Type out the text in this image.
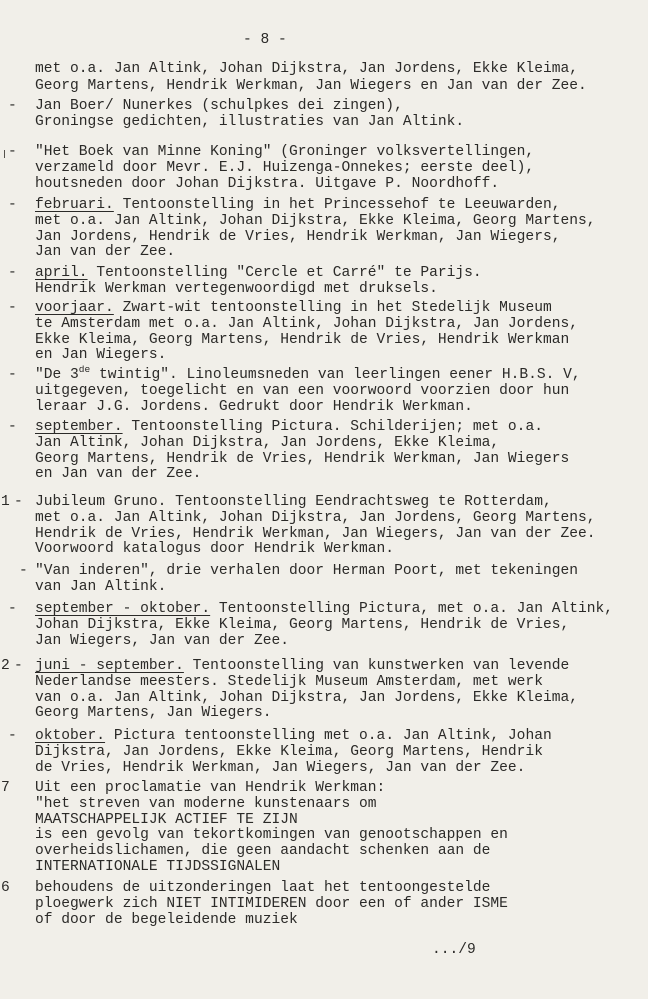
- 8 -
met o.a. Jan Altink, Johan Dijkstra, Jan Jordens, Ekke Kleima,
Georg Martens, Hendrik Werkman, Jan Wiegers en Jan van der Zee.
- Jan Boer/ Nunerkes (schulpkes dei zingen),
Groningse gedichten, illustraties van Jan Altink.
- "Het Boek van Minne Koning" (Groninger volksvertellingen,
verzameld door Mevr. E.J. Huizenga-Onnekes; eerste deel),
houtsneden door Johan Dijkstra. Uitgave P. Noordhoff.
- februari. Tentoonstelling in het Princessehof te Leeuwarden,
met o.a. Jan Altink, Johan Dijkstra, Ekke Kleima, Georg Martens,
Jan Jordens, Hendrik de Vries, Hendrik Werkman, Jan Wiegers,
Jan van der Zee.
- april. Tentoonstelling "Cercle et Carré" te Parijs.
Hendrik Werkman vertegenwoordigd met druksels.
- voorjaar. Zwart-wit tentoonstelling in het Stedelijk Museum
te Amsterdam met o.a. Jan Altink, Johan Dijkstra, Jan Jordens,
Ekke Kleima, Georg Martens, Hendrik de Vries, Hendrik Werkman
en Jan Wiegers.
- "De 3de twintig". Linoleumsneden van leerlingen eener H.B.S. V,
uitgegeven, toegelicht en van een voorwoord voorzien door hun
leraar J.G. Jordens. Gedrukt door Hendrik Werkman.
- september. Tentoonstelling Pictura. Schilderijen; met o.a.
Jan Altink, Johan Dijkstra, Jan Jordens, Ekke Kleima,
Georg Martens, Hendrik de Vries, Hendrik Werkman, Jan Wiegers
en Jan van der Zee.
1 - Jubileum Gruno. Tentoonstelling Eendrachtsweg te Rotterdam,
met o.a. Jan Altink, Johan Dijkstra, Jan Jordens, Georg Martens,
Hendrik de Vries, Hendrik Werkman, Jan Wiegers, Jan van der Zee.
Voorwoord katalogus door Hendrik Werkman.
- "Van inderen", drie verhalen door Herman Poort, met tekeningen
van Jan Altink.
- september - oktober. Tentoonstelling Pictura, met o.a. Jan Altink,
Johan Dijkstra, Ekke Kleima, Georg Martens, Hendrik de Vries,
Jan Wiegers, Jan van der Zee.
2 - juni - september. Tentoonstelling van kunstwerken van levende
Nederlandse meesters. Stedelijk Museum Amsterdam, met werk
van o.a. Jan Altink, Johan Dijkstra, Jan Jordens, Ekke Kleima,
Georg Martens, Jan Wiegers.
- oktober. Pictura tentoonstelling met o.a. Jan Altink, Johan
Dijkstra, Jan Jordens, Ekke Kleima, Georg Martens, Hendrik
de Vries, Hendrik Werkman, Jan Wiegers, Jan van der Zee.
7 Uit een proclamatie van Hendrik Werkman:
"het streven van moderne kunstenaars om
MAATSCHAPPELIJK ACTIEF TE ZIJN
is een gevolg van tekortkomingen van genootschappen en
overheidslichamen, die geen aandacht schenken aan de
INTERNATIONALE TIJDSSIGNALEN
6 behoudens de uitzonderingen laat het tentoongestelde
ploegwerk zich NIET INTIMIDEREN door een of ander ISME
of door de begeleidende muziek
.../9
